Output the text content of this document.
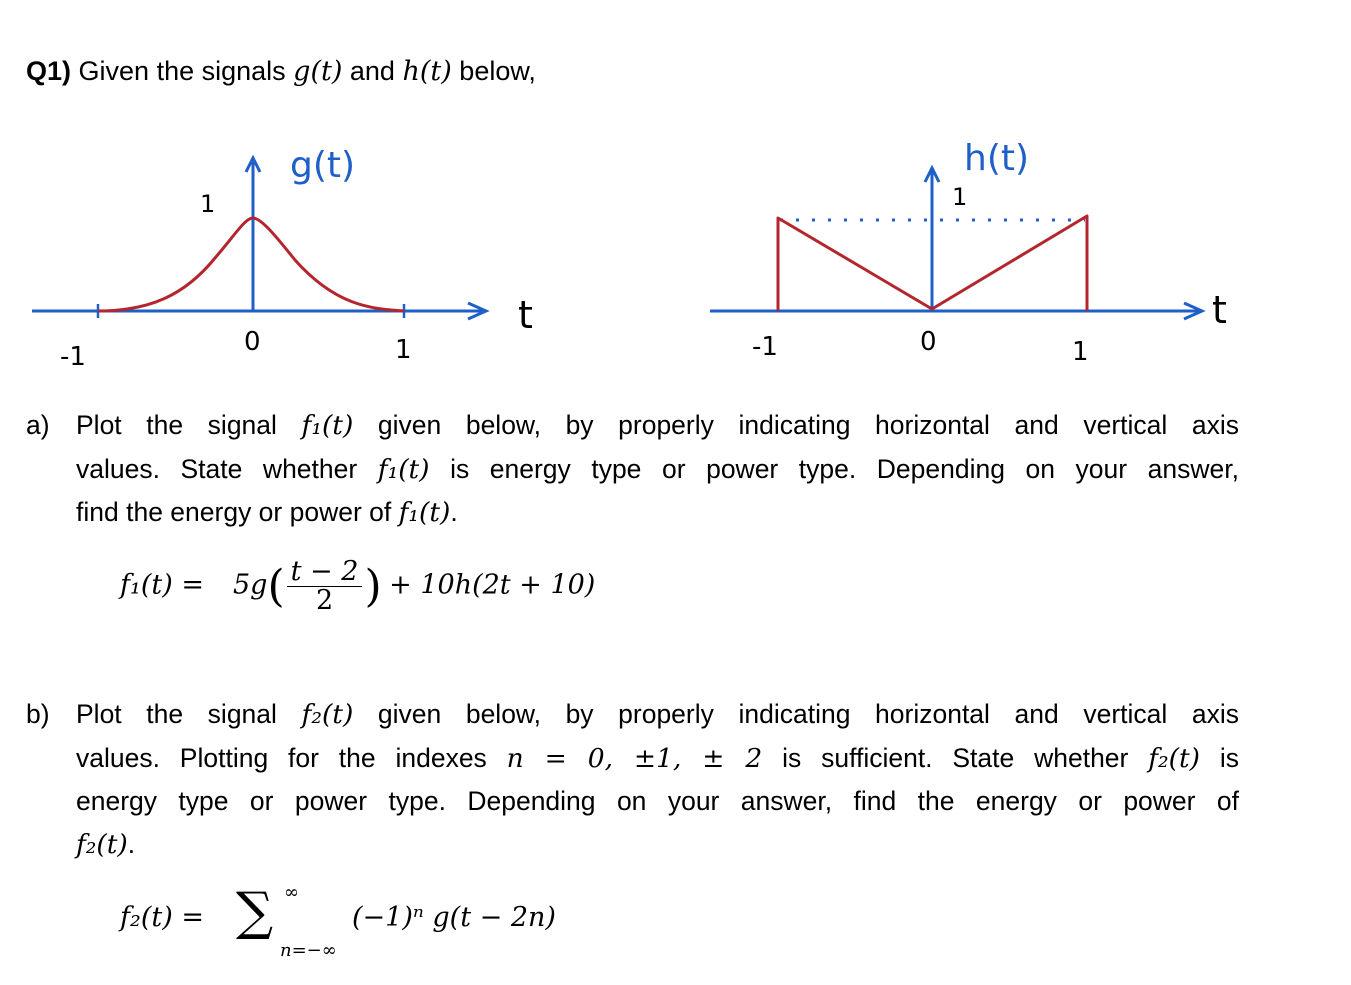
Q1) Given the signals g(t) and h(t) below,
g(t)
1
-1	0	1
t
h(t)
1
-1	0	1
t
a) Plot the signal f₁(t) given below, by properly indicating horizontal and vertical axis
values. State whether f₁(t) is energy type or power type. Depending on your answer,
find the energy or power of f₁(t).
$f_1(t) = 5g( \frac{t - 2}{2}$ ) + 10h(2t + 10)
b) Plot the signal f₂(t) given below, by properly indicating horizontal and vertical axis
values. Plotting for the indexes n = 0, ±1, ± 2 is sufficient. State whether f₂(t) is
energy type or power type. Depending on your answer, find the energy or power of
f₂(t).
f₂(t) = ∑ ∞
n=−∞
(−1)ⁿ g(t − 2n)
